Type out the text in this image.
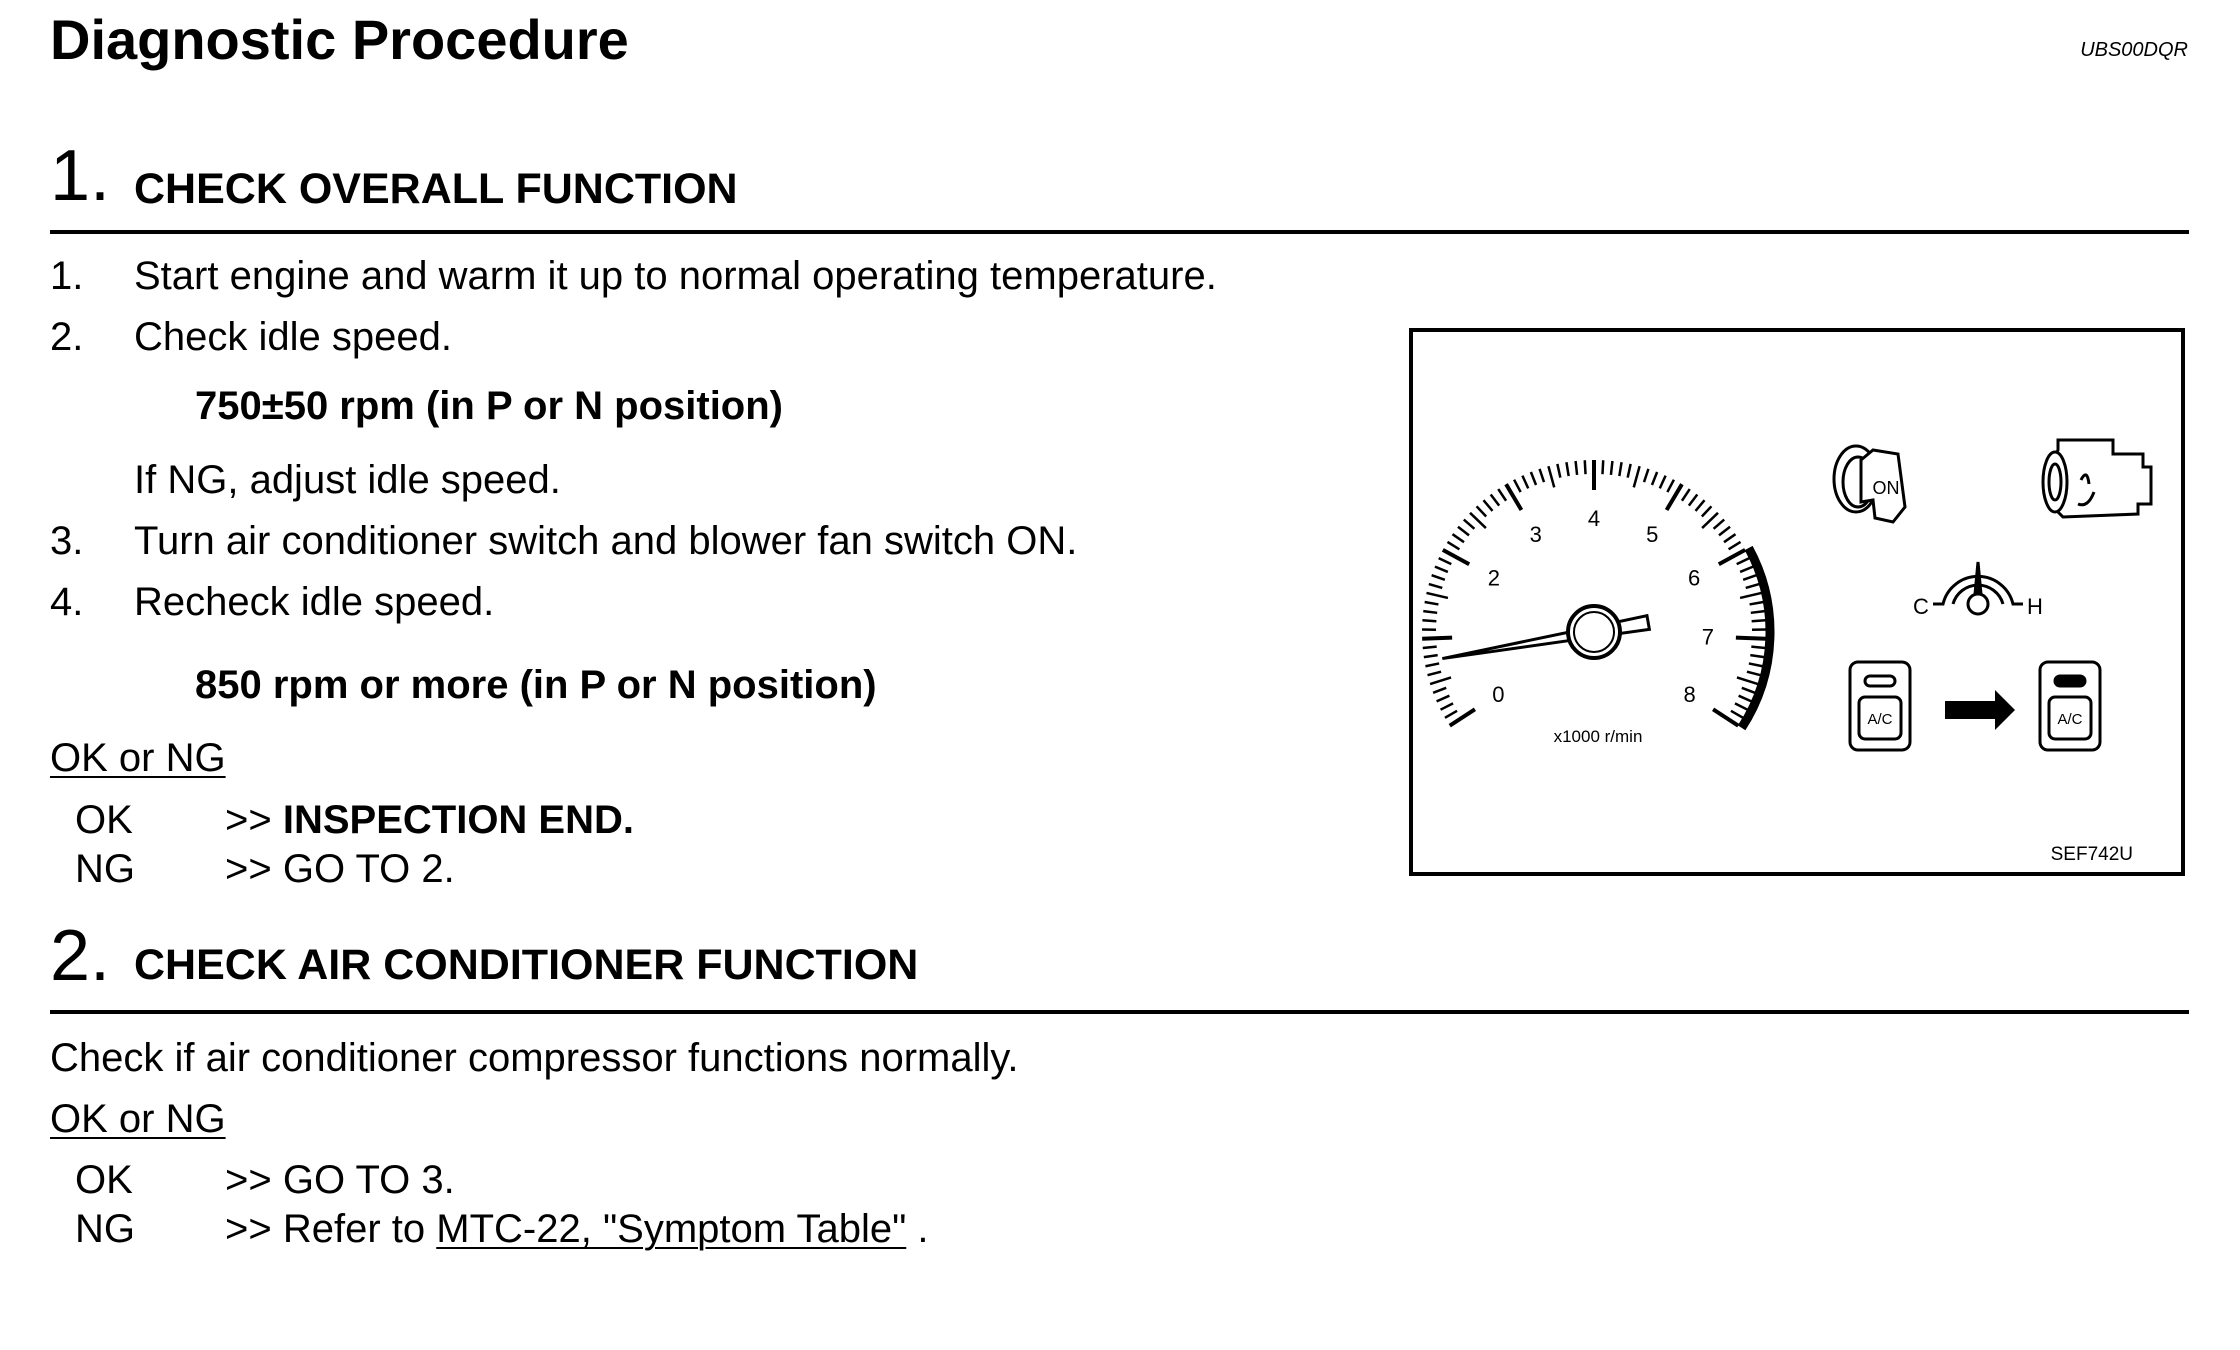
Diagnostic Procedure	UBS00DQR
1. CHECK OVERALL FUNCTION
1. Start engine and warm it up to normal operating temperature.
2. Check idle speed.
750±50 rpm (in P or N position)
If NG, adjust idle speed.
3. Turn air conditioner switch and blower fan switch ON.
4. Recheck idle speed.
850 rpm or more (in P or N position)
OK or NG
OK >> INSPECTION END.
NG >> GO TO 2.
0
2
3
4
5
6
7
8
x1000 r/min
ON
C	H
A/C	A/C
SEF742U
2. CHECK AIR CONDITIONER FUNCTION
Check if air conditioner compressor functions normally.
OK or NG
OK >> GO TO 3.
NG >> Refer to MTC-22, "Symptom Table" .
